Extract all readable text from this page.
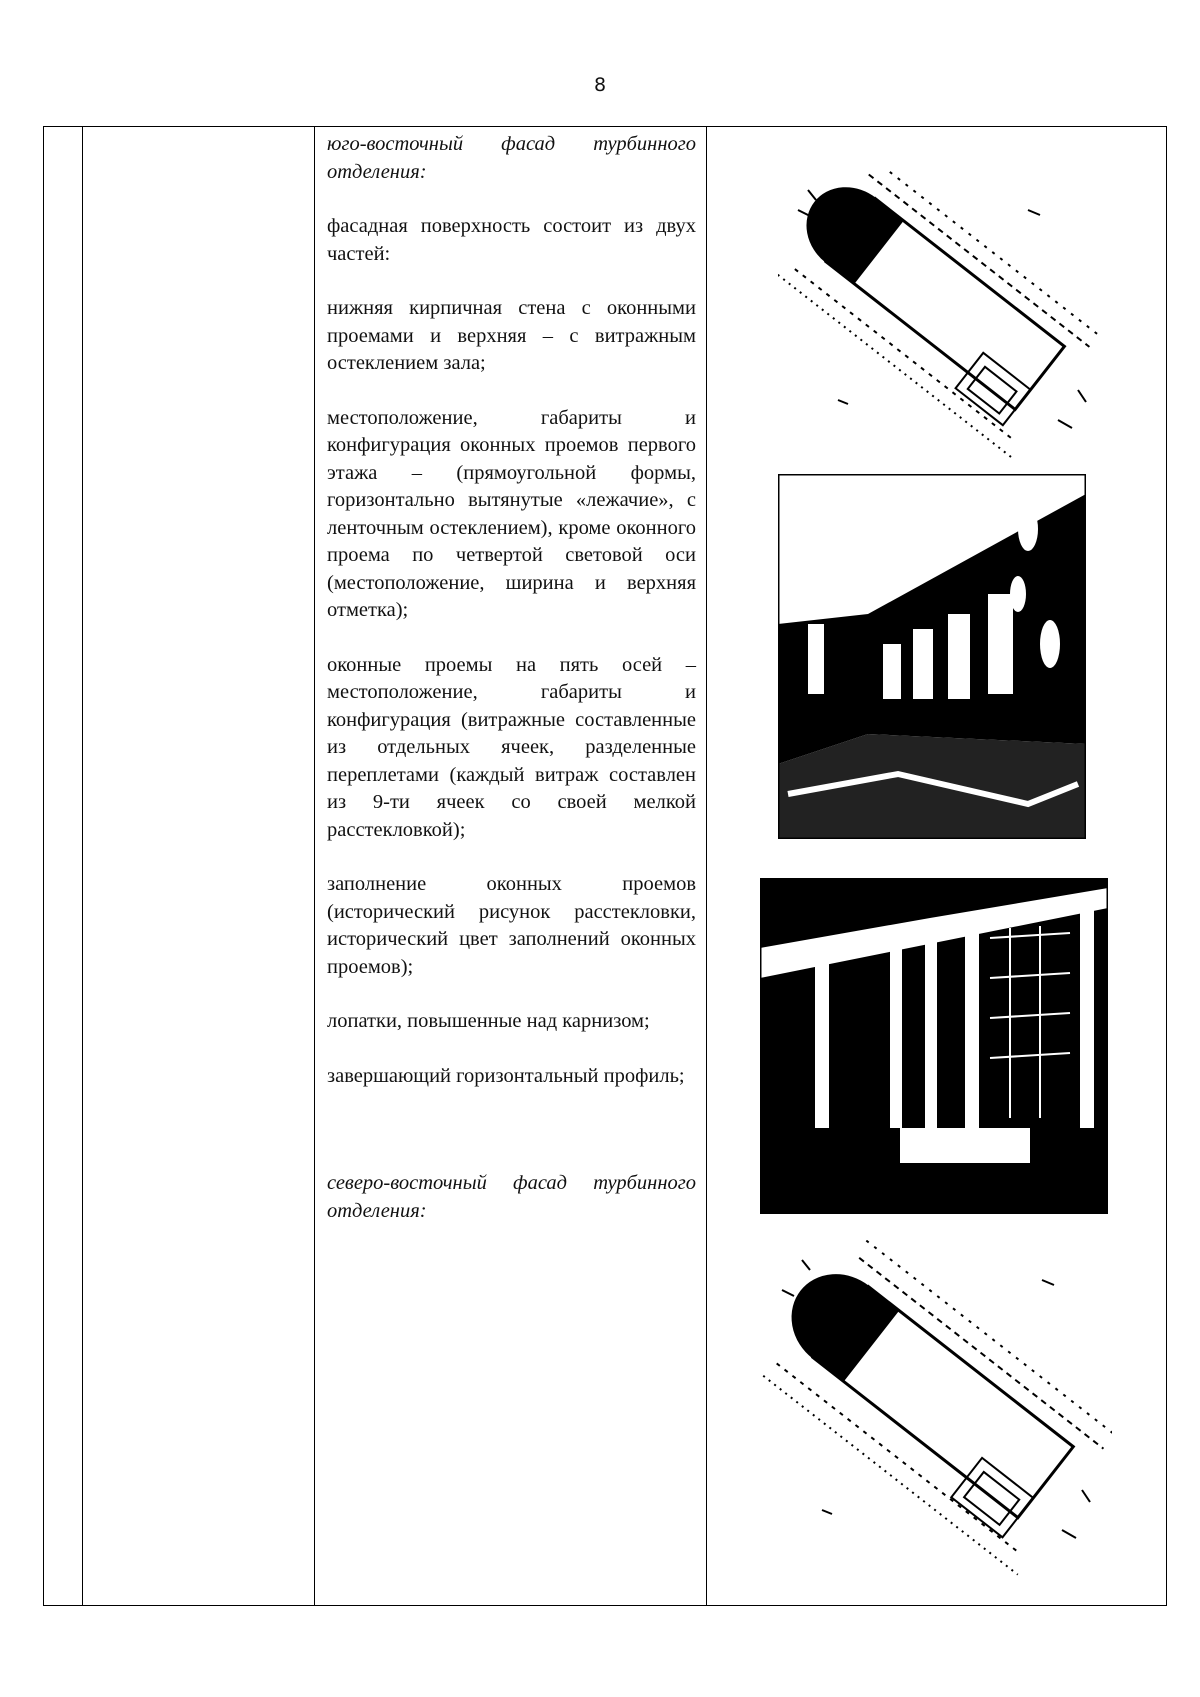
8

юго-восточный фасад турбинного отделения:

фасадная поверхность состоит из двух частей:

нижняя кирпичная стена с оконными проемами и верхняя – с витражным остеклением зала;

местоположение, габариты и конфигурация оконных проемов первого этажа – (прямоугольной формы, горизонтально вытянутые «лежачие», с ленточным остеклением), кроме оконного проема по четвертой световой оси (местоположение, ширина и верхняя отметка);

оконные проемы на пять осей – местоположение, габариты и конфигурация (витражные составленные из отдельных ячеек, разделенные переплетами (каждый витраж составлен из 9-ти ячеек со своей мелкой расстекловкой);

заполнение оконных проемов (исторический рисунок расстекловки, исторический цвет заполнений оконных проемов);

лопатки, повышенные над карнизом;

завершающий горизонтальный профиль;

северо-восточный фасад турбинного отделения:
